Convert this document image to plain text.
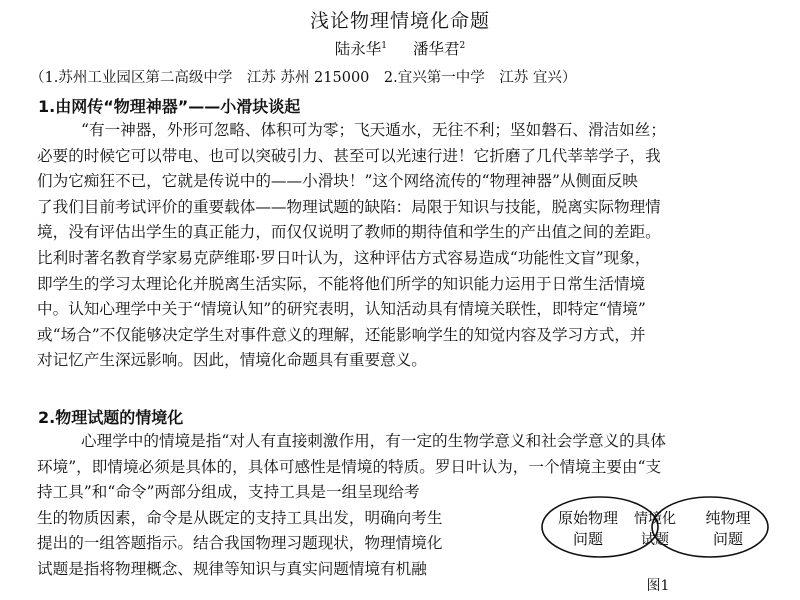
浅论物理情境化命题
陆永华$^1$ 潘华君$^2$
（1.苏州工业园区第二高级中学　江苏 苏州 215000　2.宜兴第一中学　江苏 宜兴）
1.由网传“物理神器”——小滑块谈起
“有一神器，外形可忽略、体积可为零；飞天遁水，无往不利；坚如磐石、滑洁如丝；
必要的时候它可以带电、也可以突破引力、甚至可以光速行进！它折磨了几代莘莘学子，我
们为它痴狂不已，它就是传说中的——小滑块！”这个网络流传的“物理神器”从侧面反映
了我们目前考试评价的重要载体——物理试题的缺陷：局限于知识与技能，脱离实际物理情
境，没有评估出学生的真正能力，而仅仅说明了教师的期待值和学生的产出值之间的差距。
比利时著名教育学家易克萨维耶·罗日叶认为，这种评估方式容易造成“功能性文盲”现象，
即学生的学习太理论化并脱离生活实际，不能将他们所学的知识能力运用于日常生活情境
中。认知心理学中关于“情境认知”的研究表明，认知活动具有情境关联性，即特定“情境”
或“场合”不仅能够决定学生对事件意义的理解，还能影响学生的知觉内容及学习方式，并
对记忆产生深远影响。因此，情境化命题具有重要意义。
2.物理试题的情境化
心理学中的情境是指“对人有直接刺激作用，有一定的生物学意义和社会学意义的具体
环境”，即情境必须是具体的，具体可感性是情境的特质。罗日叶认为，一个情境主要由“支
持工具”和“命令”两部分组成，支持工具是一组呈现给考
生的物质因素，命令是从既定的支持工具出发，明确向考生
提出的一组答题指示。结合我国物理习题现状，物理情境化
试题是指将物理概念、规律等知识与真实问题情境有机融
原始物理
问题
情境化
试题
纯物理
问题
图1
